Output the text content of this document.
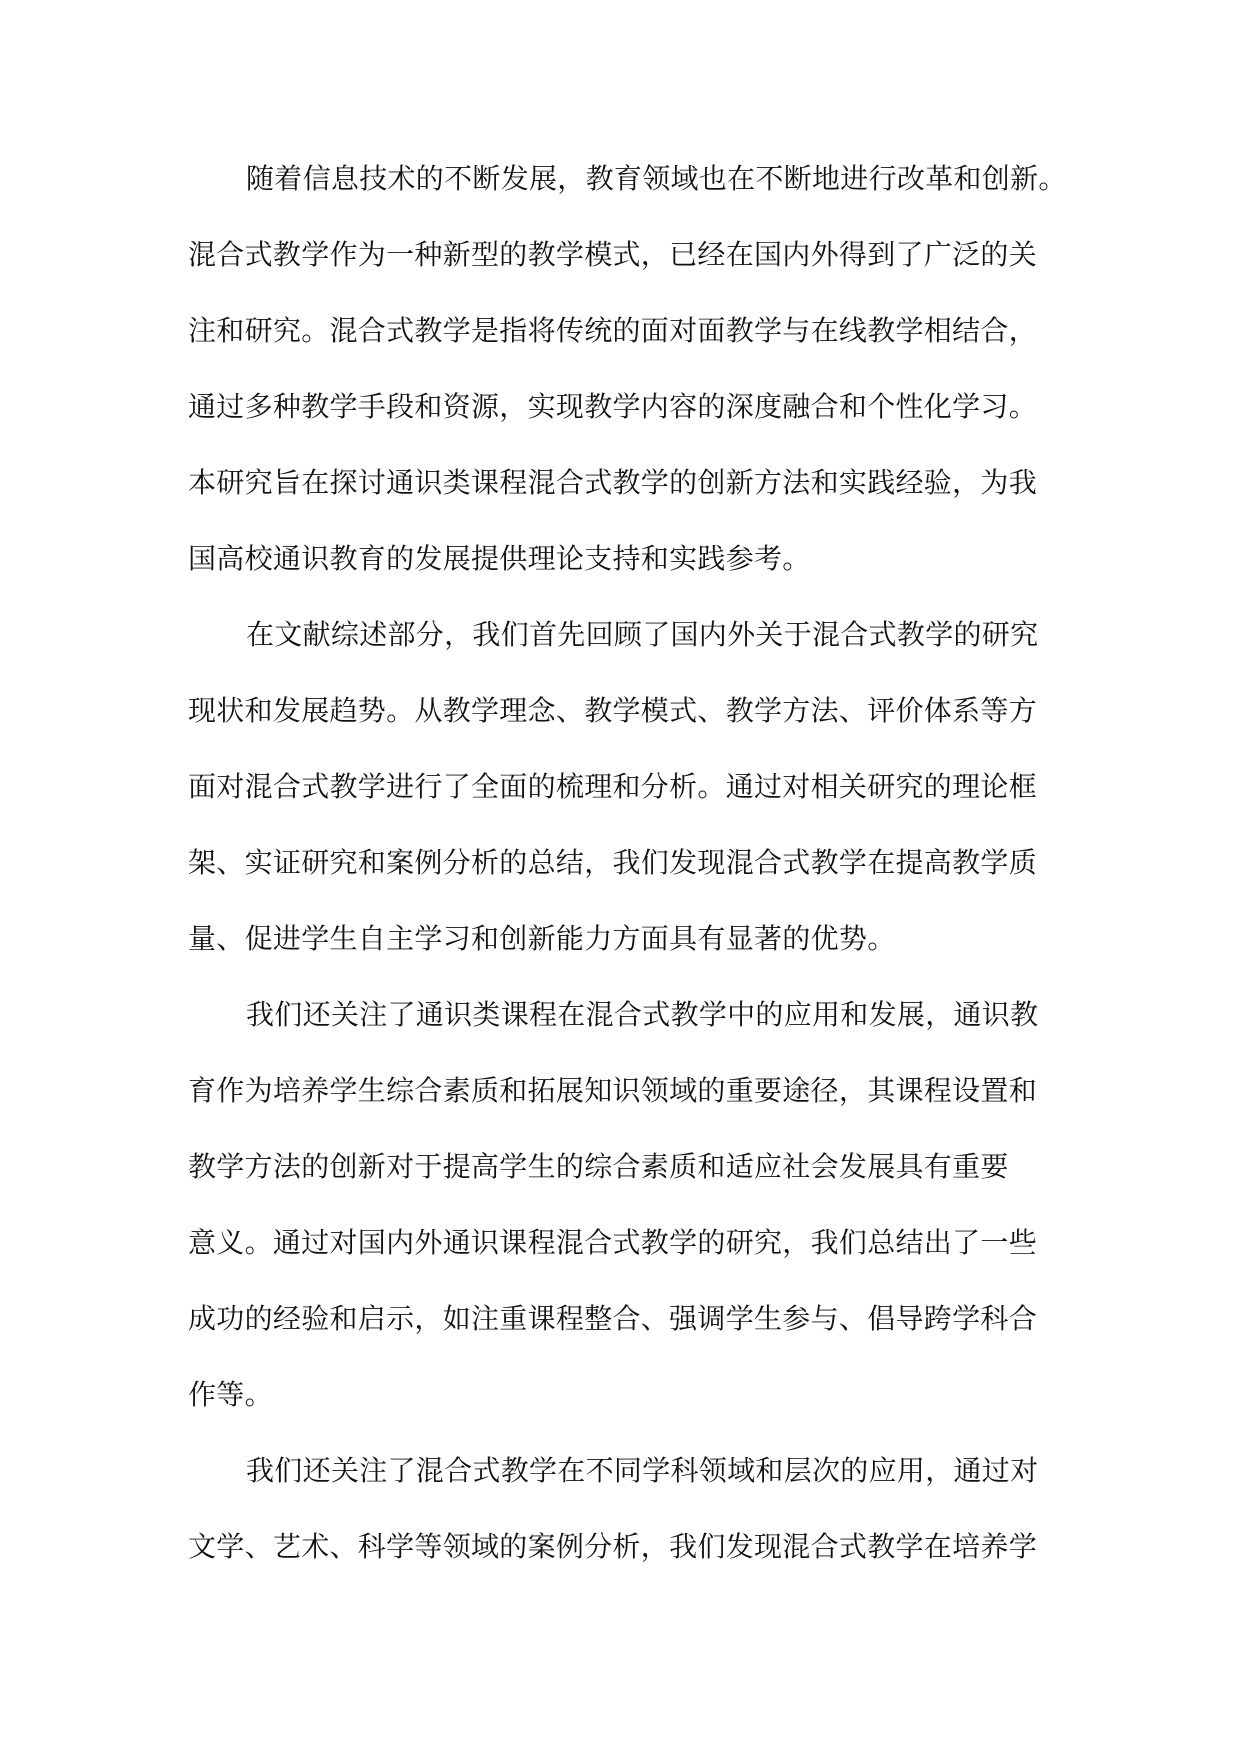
随着信息技术的不断发展，教育领域也在不断地进行改革和创新。
混合式教学作为一种新型的教学模式，已经在国内外得到了广泛的关
注和研究。混合式教学是指将传统的面对面教学与在线教学相结合，
通过多种教学手段和资源，实现教学内容的深度融合和个性化学习。
本研究旨在探讨通识类课程混合式教学的创新方法和实践经验，为我
国高校通识教育的发展提供理论支持和实践参考。
在文献综述部分，我们首先回顾了国内外关于混合式教学的研究
现状和发展趋势。从教学理念、教学模式、教学方法、评价体系等方
面对混合式教学进行了全面的梳理和分析。通过对相关研究的理论框
架、实证研究和案例分析的总结，我们发现混合式教学在提高教学质
量、促进学生自主学习和创新能力方面具有显著的优势。
我们还关注了通识类课程在混合式教学中的应用和发展，通识教
育作为培养学生综合素质和拓展知识领域的重要途径，其课程设置和
教学方法的创新对于提高学生的综合素质和适应社会发展具有重要
意义。通过对国内外通识课程混合式教学的研究，我们总结出了一些
成功的经验和启示，如注重课程整合、强调学生参与、倡导跨学科合
作等。
我们还关注了混合式教学在不同学科领域和层次的应用，通过对
文学、艺术、科学等领域的案例分析，我们发现混合式教学在培养学
